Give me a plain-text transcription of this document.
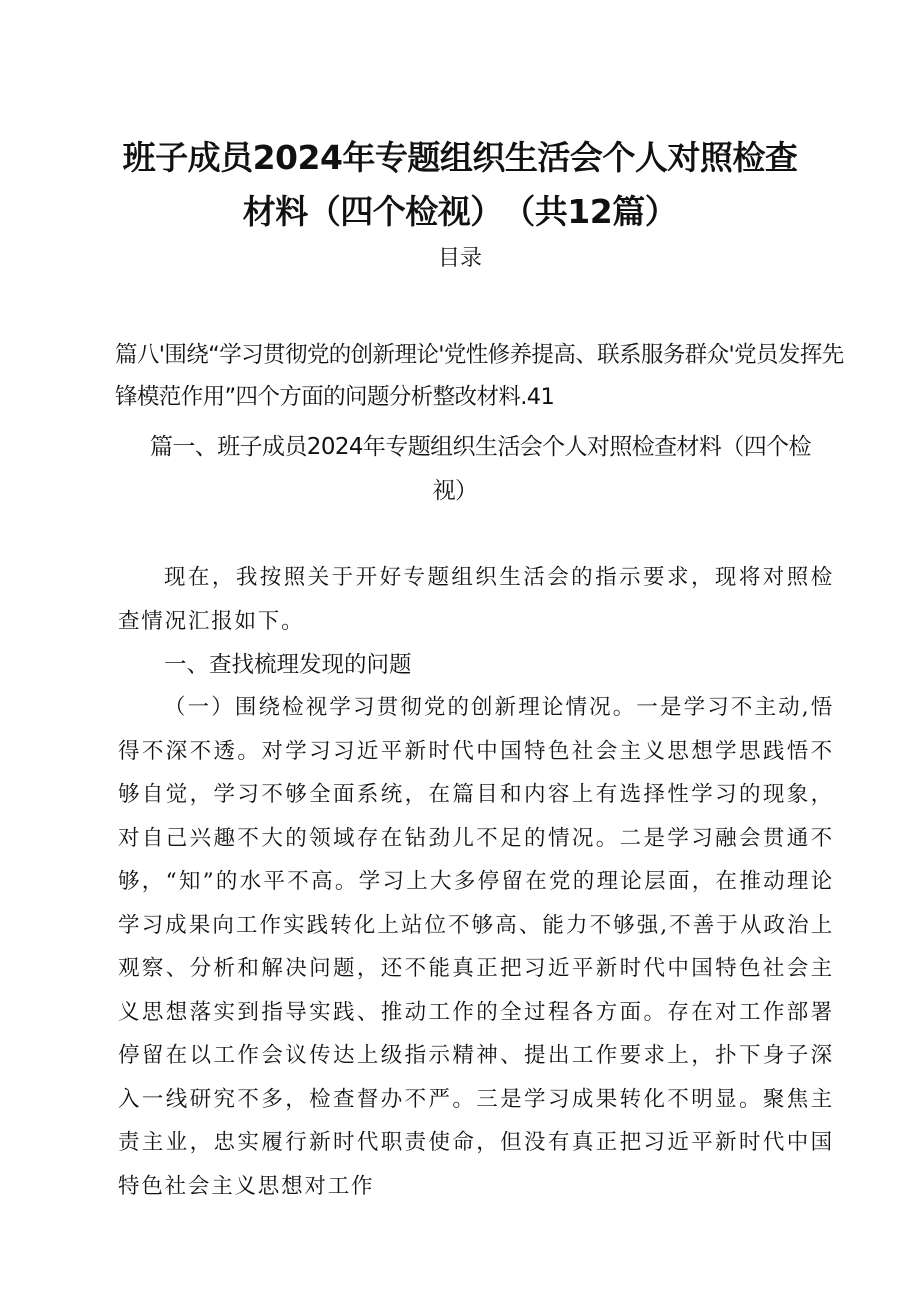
班子成员2024年专题组织生活会个人对照检查
材料（四个检视）　（共12篇）
目录
篇八'围绕“学习贯彻党的创新理论'党性修养提高、联系服务群众'党员发挥先锋模范作用”四个方面的问题分析整改材料.41
篇一、班子成员2024年专题组织生活会个人对照检查材料（四个检
视）
现在，我按照关于开好专题组织生活会的指示要求，现将对照检查情况汇报如下。
一、查找梳理发现的问题
（一）围绕检视学习贯彻党的创新理论情况。一是学习不主动,悟得不深不透。对学习习近平新时代中国特色社会主义思想学思践悟不够自觉，学习不够全面系统，在篇目和内容上有选择性学习的现象，对自己兴趣不大的领域存在钻劲儿不足的情况。二是学习融会贯通不够，“知”的水平不高。学习上大多停留在党的理论层面，在推动理论学习成果向工作实践转化上站位不够高、能力不够强,不善于从政治上观察、分析和解决问题，还不能真正把习近平新时代中国特色社会主义思想落实到指导实践、推动工作的全过程各方面。存在对工作部署停留在以工作会议传达上级指示精神、提出工作要求上，扑下身子深入一线研究不多，检查督办不严。三是学习成果转化不明显。聚焦主责主业，忠实履行新时代职责使命，但没有真正把习近平新时代中国特色社会主义思想对工作
